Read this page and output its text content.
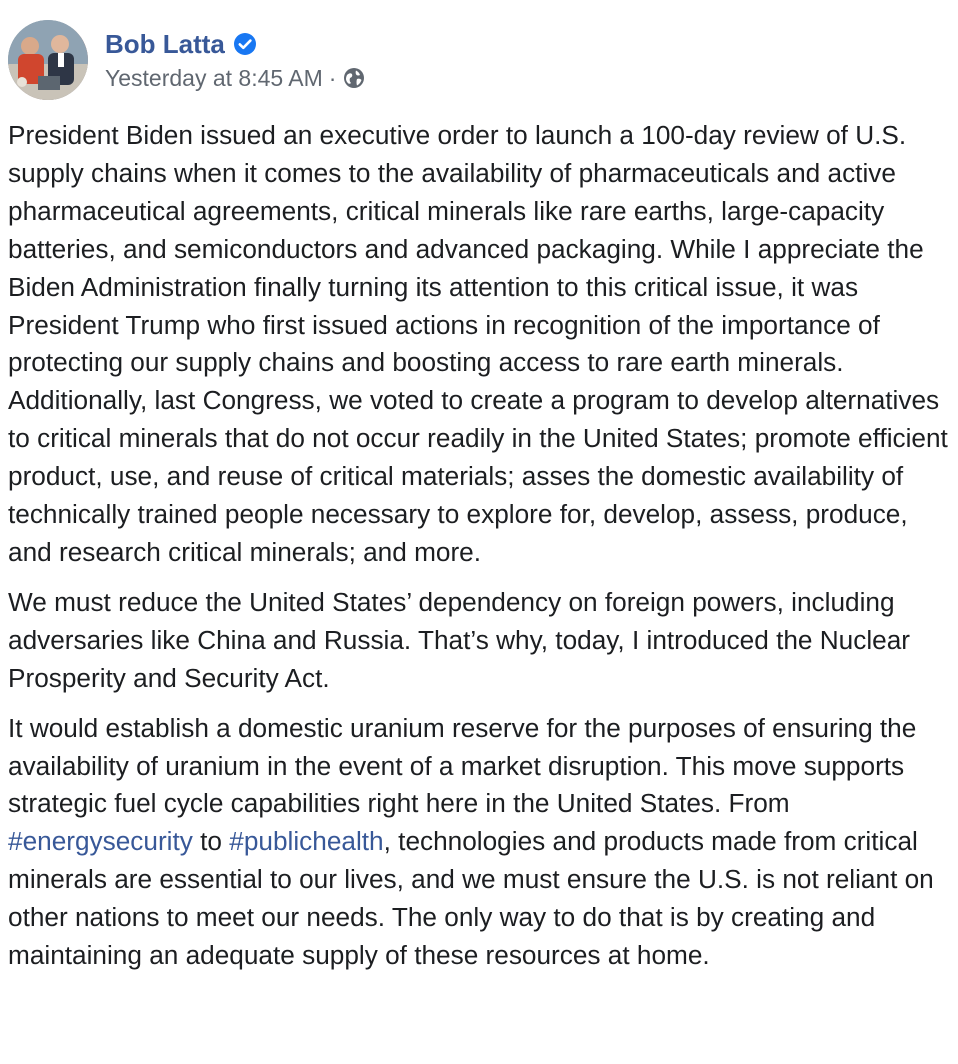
Bob Latta
Yesterday at 8:45 AM ·

President Biden issued an executive order to launch a 100-day review of U.S. supply chains when it comes to the availability of pharmaceuticals and active pharmaceutical agreements, critical minerals like rare earths, large-capacity batteries, and semiconductors and advanced packaging. While I appreciate the Biden Administration finally turning its attention to this critical issue, it was President Trump who first issued actions in recognition of the importance of protecting our supply chains and boosting access to rare earth minerals. Additionally, last Congress, we voted to create a program to develop alternatives to critical minerals that do not occur readily in the United States; promote efficient product, use, and reuse of critical materials; asses the domestic availability of technically trained people necessary to explore for, develop, assess, produce, and research critical minerals; and more.

We must reduce the United States’ dependency on foreign powers, including adversaries like China and Russia. That’s why, today, I introduced the Nuclear Prosperity and Security Act.

It would establish a domestic uranium reserve for the purposes of ensuring the availability of uranium in the event of a market disruption. This move supports strategic fuel cycle capabilities right here in the United States. From #energysecurity to #publichealth, technologies and products made from critical minerals are essential to our lives, and we must ensure the U.S. is not reliant on other nations to meet our needs. The only way to do that is by creating and maintaining an adequate supply of these resources at home.
